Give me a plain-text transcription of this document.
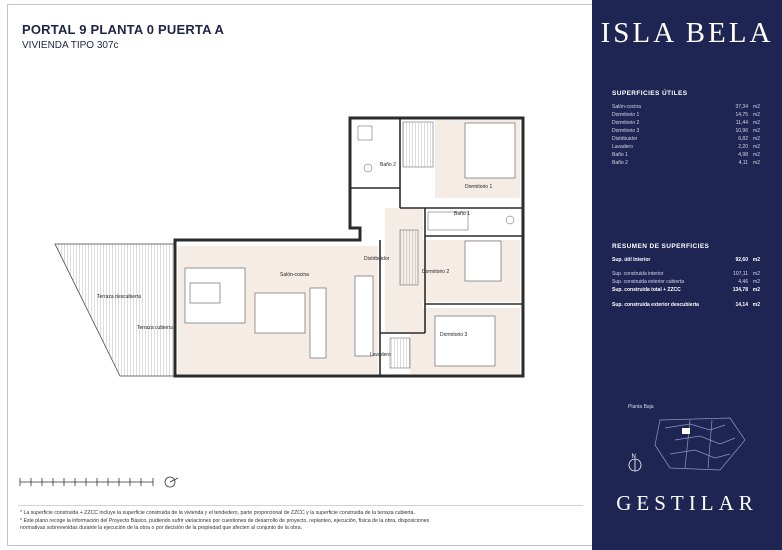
PORTAL 9 PLANTA 0 PUERTA A
VIVIENDA TIPO 307c
Salón-cocina
Dormitorio 1
Dormitorio 2
Dormitorio 3
Baño 1
Baño 2
Distribuidor
Lavadero
Terraza descubierta
Terraza cubierta
* La superficie construida + ZZCC incluye la superficie construida de la vivienda y el tendedero, parte proporcional de ZZCC y la superficie construida de la terraza cubierta.
* Este plano recoge la información del Proyecto Básico, pudiendo sufrir variaciones por cuestiones de desarrollo de proyecto, replanteo, ejecución, física de la obra, disposiciones
normativas sobrevenidas durante la ejecución de la obra o por decisión de la propiedad que afecten al conjunto de la obra.
ISLA BELA
SUPERFICIES ÚTILES
Salón-cocina	37,34 m2
Dormitorio 1	14,75 m2
Dormitorio 2	11,44 m2
Dormitorio 3	10,96 m2
Distribuidor	6,82 m2
Lavadero	2,20 m2
Baño 1	4,98 m2
Baño 2	4,11 m2
RESUMEN DE SUPERFICIES
Sup. útil Interior	92,60 m2
Sup. construida interior	107,11 m2
Sup. construida exterior cubierta	4,46 m2
Sup. construida total + ZZCC	134,78 m2
Sup. construida exterior descubierta	14,14 m2
GESTILAR
Planta Baja
N
